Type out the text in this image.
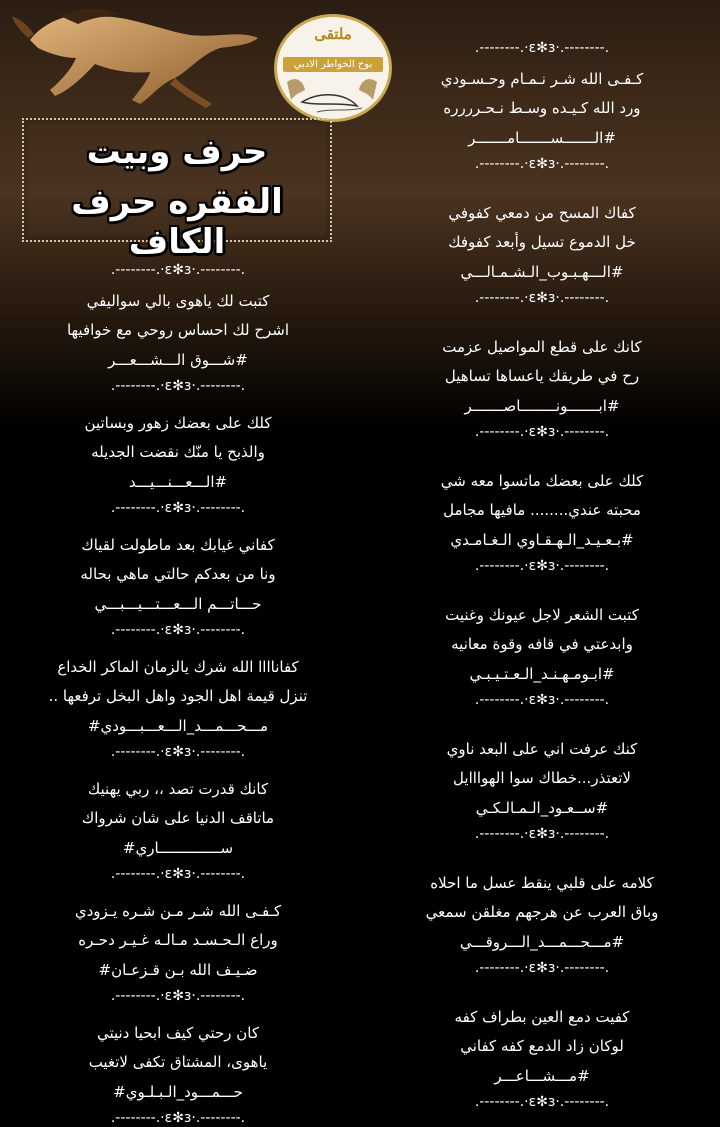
ملتقى
بوح الخواطر الادبي
حرف وبيت
الفقره حرف الكاف
.--------.·ɛ✻ɜ·.--------.
كـفـى الله شـر نـمـام وحـسـودي
ورد الله كـيـده وسـط نـحـرررره
#الـــــــســـــــامـــــــر
.--------.·ɛ✻ɜ·.--------.
كفاك المسح من دمعي كفوفي
خل الدموع تسيل وأبعد كفوفك
#الـــهـبـوب_الـشـمـالـــي
.--------.·ɛ✻ɜ·.--------.
كانك على قطع المواصيل عزمت
رح في طريقك ياعساها تساهيل
#ابـــــــونــــــــاصـــــــر
.--------.·ɛ✻ɜ·.--------.
كلك على بعضك ماتسوا معه شي
محبته عندي........ مافيها مجامل
#بـعـيـد_الـهـقـاوي الـغـامـدي
.--------.·ɛ✻ɜ·.--------.
كتبت الشعر لاجل عيونك وغنيت
وابدعتي في قافه وقوة معانيه
#ابـومـهـنـد_الـعـتـيـبـي
.--------.·ɛ✻ɜ·.--------.
كنك عرفت اني على البعد ناوي
لاتعتذر...خطاك سوا الهوااايل
#ســعـود_الـمـالـكـي
.--------.·ɛ✻ɜ·.--------.
كلامه على قلبي ينقط عسل ما احلاه
وباق العرب عن هرجهم مغلقن سمعي
#مـــحـــمـــد_الـــروقـــي
.--------.·ɛ✻ɜ·.--------.
كفيت دمع العين بطراف كفه
لوكان زاد الدمع كفه كفاني
#مـــشـــاعـــر
.--------.·ɛ✻ɜ·.--------.
.--------.·ɛ✻ɜ·.--------.
كتبت لك ياهوى بالي سواليفي
اشرح لك احساس روحي مع خوافيها
#شـــوق الـــشـــعـــر
.--------.·ɛ✻ɜ·.--------.
كلك على بعضك زهور وبساتين
والذبح يا منّك نقضت الجديله
#الـــعـــنـــيـــد
.--------.·ɛ✻ɜ·.--------.
كفاني غيابك بعد ماطولت لقياك
ونا من بعدكم حالتي ماهي بحاله
حـــاتـــم الـــعـــتـــيـــبـــي
.--------.·ɛ✻ɜ·.--------.
كفاناااا الله شرك يالزمان الماكر الخداع
تنزل قيمة اهل الجود واهل البخل ترفعها ..
مـــحـــمـــد_الـــعـــبـــودي#
.--------.·ɛ✻ɜ·.--------.
كانك قدرت تصد ،، ربي يهنيك
ماتاقف الدنيا على شان شرواك
ســــــــــــــاري#
.--------.·ɛ✻ɜ·.--------.
كـفـى الله شـر مـن شـره يـزودي
وراع الـحـسـد مـالـه غـيـر دحـره
ضـيـف الله بـن قـزعـان#
.--------.·ɛ✻ɜ·.--------.
كان رحتي كيف ابحيا دنيتي
ياهوى، المشتاق تكفى لاتغيب
حـــمـــود_الـبـلـوي#
.--------.·ɛ✻ɜ·.--------.
